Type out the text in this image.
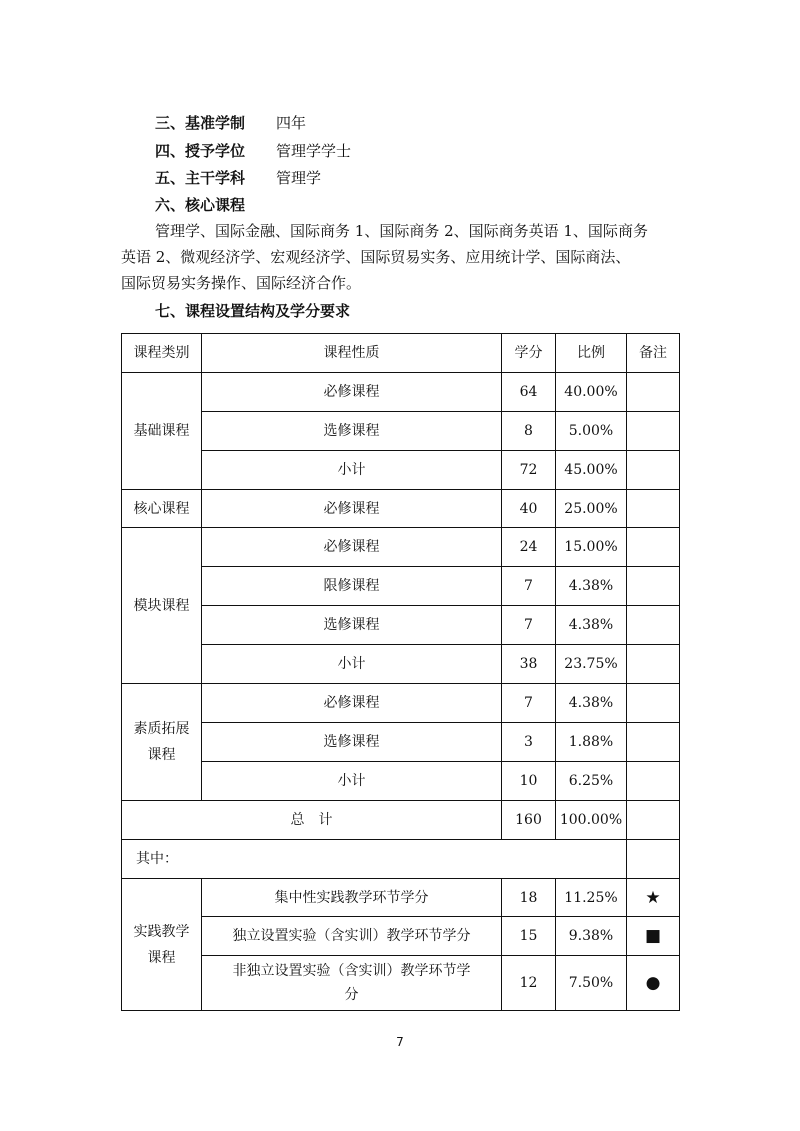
三、基准学制 四年
四、授予学位 管理学学士
五、主干学科 管理学
六、核心课程
管理学、国际金融、国际商务 1、国际商务 2、国际商务英语 1、国际商务
英语 2、微观经济学、宏观经济学、国际贸易实务、应用统计学、国际商法、
国际贸易实务操作、国际经济合作。
七、课程设置结构及学分要求
课程类别	课程性质	学分	比例	备注
基础课程	必修课程	64	40.00%	
	选修课程	8	5.00%	
	小计	72	45.00%	
核心课程	必修课程	40	25.00%	
模块课程	必修课程	24	15.00%	
	限修课程	7	4.38%	
	选修课程	7	4.38%	
	小计	38	23.75%	

素质拓展
课程	必修课程	7	4.38%	
	选修课程	3	1.88%	
	小计	10	6.25%	
总　计		160	100.00%	
其中：				

实践教学
课程	集中性实践教学环节学分	18	11.25%	★
	独立设置实验（含实训）教学环节学分	15	9.38%	■

	非独立设置实验（含实训）教学环节学
分	12	7.50%	●
7
